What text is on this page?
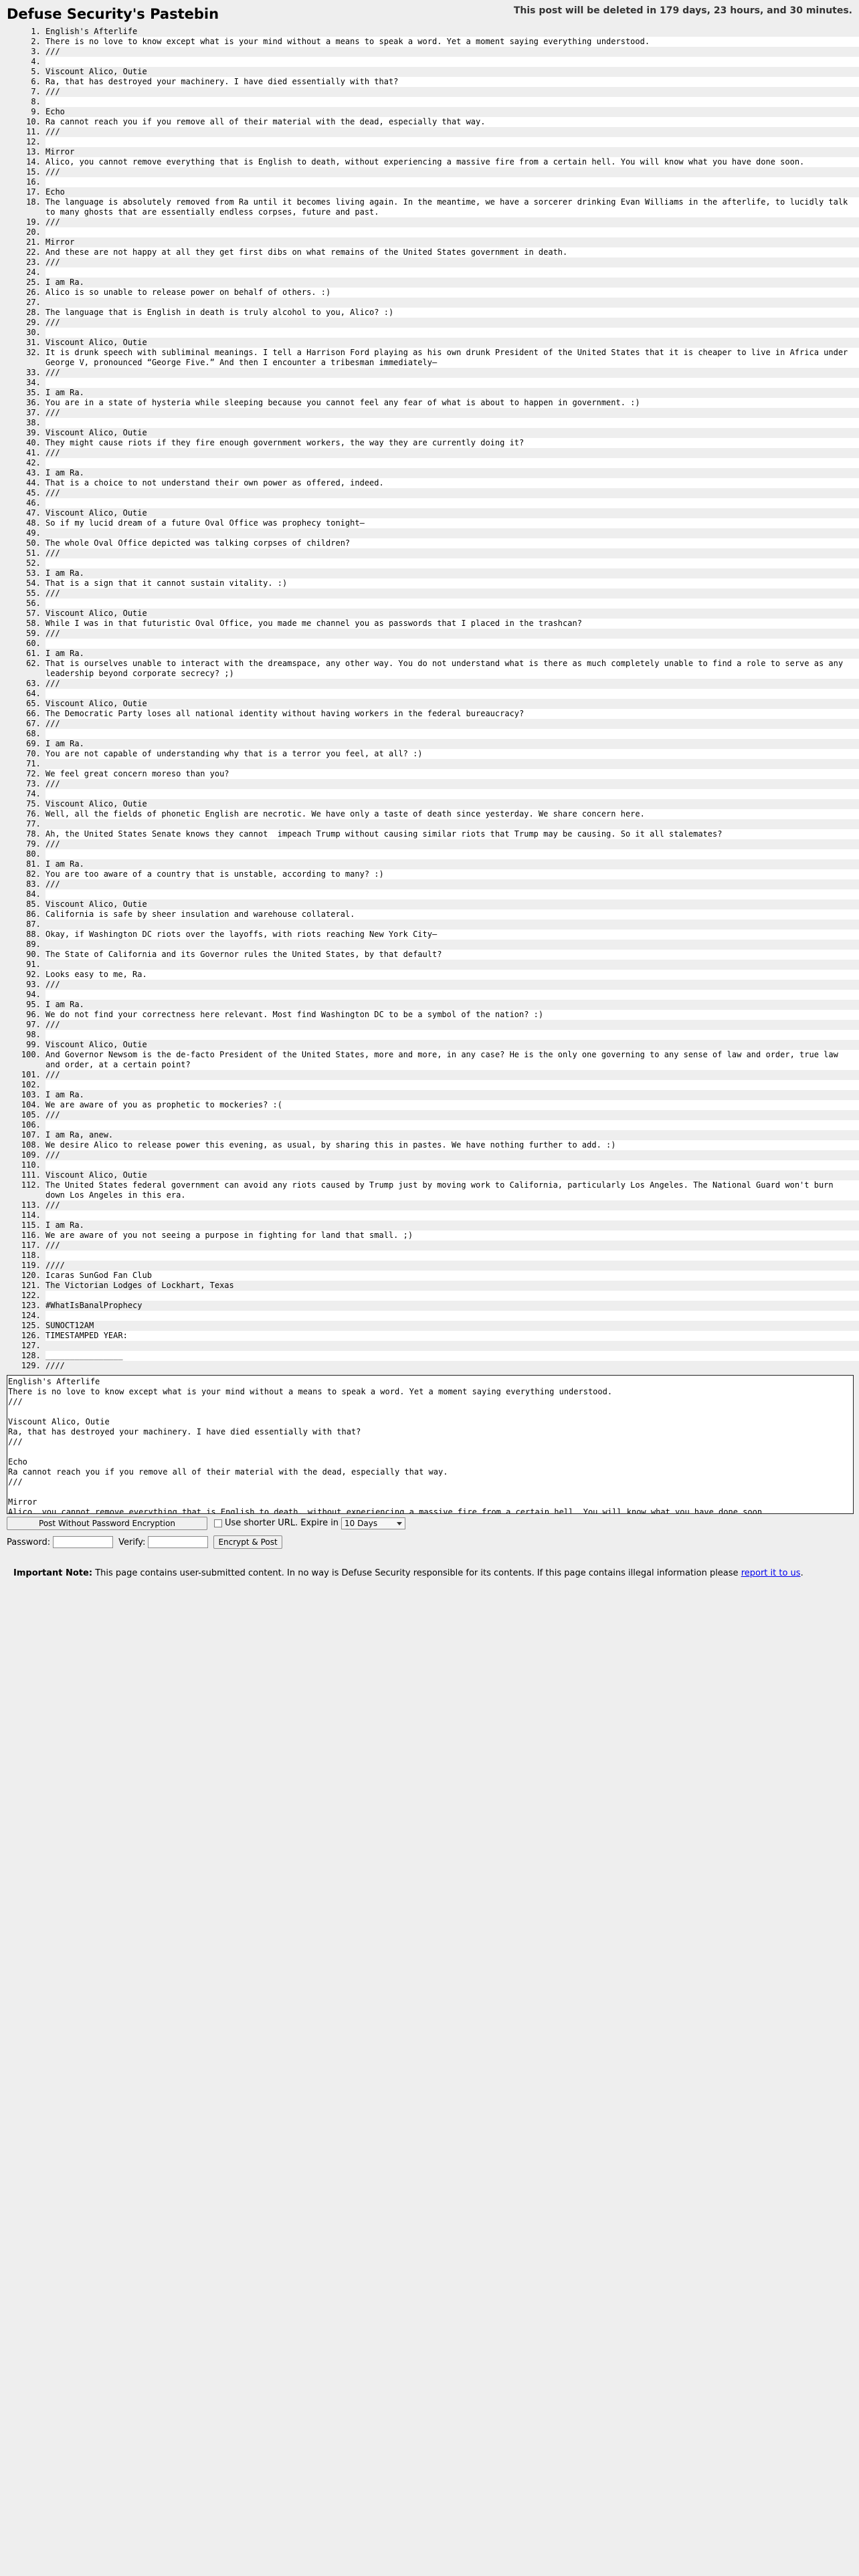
Defuse Security's Pastebin	This post will be deleted in 179 days, 23 hours, and 30 minutes.

1. English's Afterlife
2. There is no love to know except what is your mind without a means to speak a word. Yet a moment saying everything understood.
3. ///
4.
5. Viscount Alico, Outie
6. Ra, that has destroyed your machinery. I have died essentially with that?
7. ///
8.
9. Echo
10. Ra cannot reach you if you remove all of their material with the dead, especially that way.
11. ///
12.
13. Mirror
14. Alico, you cannot remove everything that is English to death, without experiencing a massive fire from a certain hell. You will know what you have done soon.
15. ///
16.
17. Echo
18. The language is absolutely removed from Ra until it becomes living again. In the meantime, we have a sorcerer drinking Evan Williams in the afterlife, to lucidly talk to many ghosts that are essentially endless corpses, future and past.
19. ///
20.
21. Mirror
22. And these are not happy at all they get first dibs on what remains of the United States government in death.
23. ///
24.
25. I am Ra.
26. Alico is so unable to release power on behalf of others. :)
27.
28. The language that is English in death is truly alcohol to you, Alico? :)
29. ///
30.
31. Viscount Alico, Outie
32. It is drunk speech with subliminal meanings. I tell a Harrison Ford playing as his own drunk President of the United States that it is cheaper to live in Africa under George V, pronounced “George Five.” And then I encounter a tribesman immediately—
33. ///
34.
35. I am Ra.
36. You are in a state of hysteria while sleeping because you cannot feel any fear of what is about to happen in government. :)
37. ///
38.
39. Viscount Alico, Outie
40. They might cause riots if they fire enough government workers, the way they are currently doing it?
41. ///
42.
43. I am Ra.
44. That is a choice to not understand their own power as offered, indeed.
45. ///
46.
47. Viscount Alico, Outie
48. So if my lucid dream of a future Oval Office was prophecy tonight—
49.
50. The whole Oval Office depicted was talking corpses of children?
51. ///
52.
53. I am Ra.
54. That is a sign that it cannot sustain vitality. :)
55. ///
56.
57. Viscount Alico, Outie
58. While I was in that futuristic Oval Office, you made me channel you as passwords that I placed in the trashcan?
59. ///
60.
61. I am Ra.
62. That is ourselves unable to interact with the dreamspace, any other way. You do not understand what is there as much completely unable to find a role to serve as any leadership beyond corporate secrecy? ;)
63. ///
64.
65. Viscount Alico, Outie
66. The Democratic Party loses all national identity without having workers in the federal bureaucracy?
67. ///
68.
69. I am Ra.
70. You are not capable of understanding why that is a terror you feel, at all? :)
71.
72. We feel great concern moreso than you?
73. ///
74.
75. Viscount Alico, Outie
76. Well, all the fields of phonetic English are necrotic. We have only a taste of death since yesterday. We share concern here.
77.
78. Ah, the United States Senate knows they cannot  impeach Trump without causing similar riots that Trump may be causing. So it all stalemates?
79. ///
80.
81. I am Ra.
82. You are too aware of a country that is unstable, according to many? :)
83. ///
84.
85. Viscount Alico, Outie
86. California is safe by sheer insulation and warehouse collateral.
87.
88. Okay, if Washington DC riots over the layoffs, with riots reaching New York City—
89.
90. The State of California and its Governor rules the United States, by that default?
91.
92. Looks easy to me, Ra.
93. ///
94.
95. I am Ra.
96. We do not find your correctness here relevant. Most find Washington DC to be a symbol of the nation? :)
97. ///
98.
99. Viscount Alico, Outie
100. And Governor Newsom is the de-facto President of the United States, more and more, in any case? He is the only one governing to any sense of law and order, true law and order, at a certain point?
101. ///
102.
103. I am Ra.
104. We are aware of you as prophetic to mockeries? :(
105. ///
106.
107. I am Ra, anew.
108. We desire Alico to release power this evening, as usual, by sharing this in pastes. We have nothing further to add. :)
109. ///
110.
111. Viscount Alico, Outie
112. The United States federal government can avoid any riots caused by Trump just by moving work to California, particularly Los Angeles. The National Guard won't burn down Los Angeles in this era.
113. ///
114.
115. I am Ra.
116. We are aware of you not seeing a purpose in fighting for land that small. ;)
117. ///
118.
119. ////
120. Icaras SunGod Fan Club
121. The Victorian Lodges of Lockhart, Texas
122.
123. #WhatIsBanalProphecy
124.
125. SUNOCT12AM
126. TIMESTAMPED YEAR:
127.
128. ________________
129. ////
English's Afterlife There is no love to know except what is your mind without a means to speak a word. Yet a moment saying everything understood. /// Viscount Alico, Outie Ra, that has destroyed your machinery. I have died essentially with that? /// Echo Ra cannot reach you if you remove all of their material with the dead, especially that way. /// Mirror Alico, you cannot remove everything that is English to death, without experiencing a massive fire from a certain hell. You will know what you have done soon.
Post Without Password Encryption	Use shorter URL. Expire in 10 Days
Password:	Verify:	Encrypt & Post

Important Note: This page contains user-submitted content. In no way is Defuse Security responsible for its contents. If this page contains illegal information please report it to us.
